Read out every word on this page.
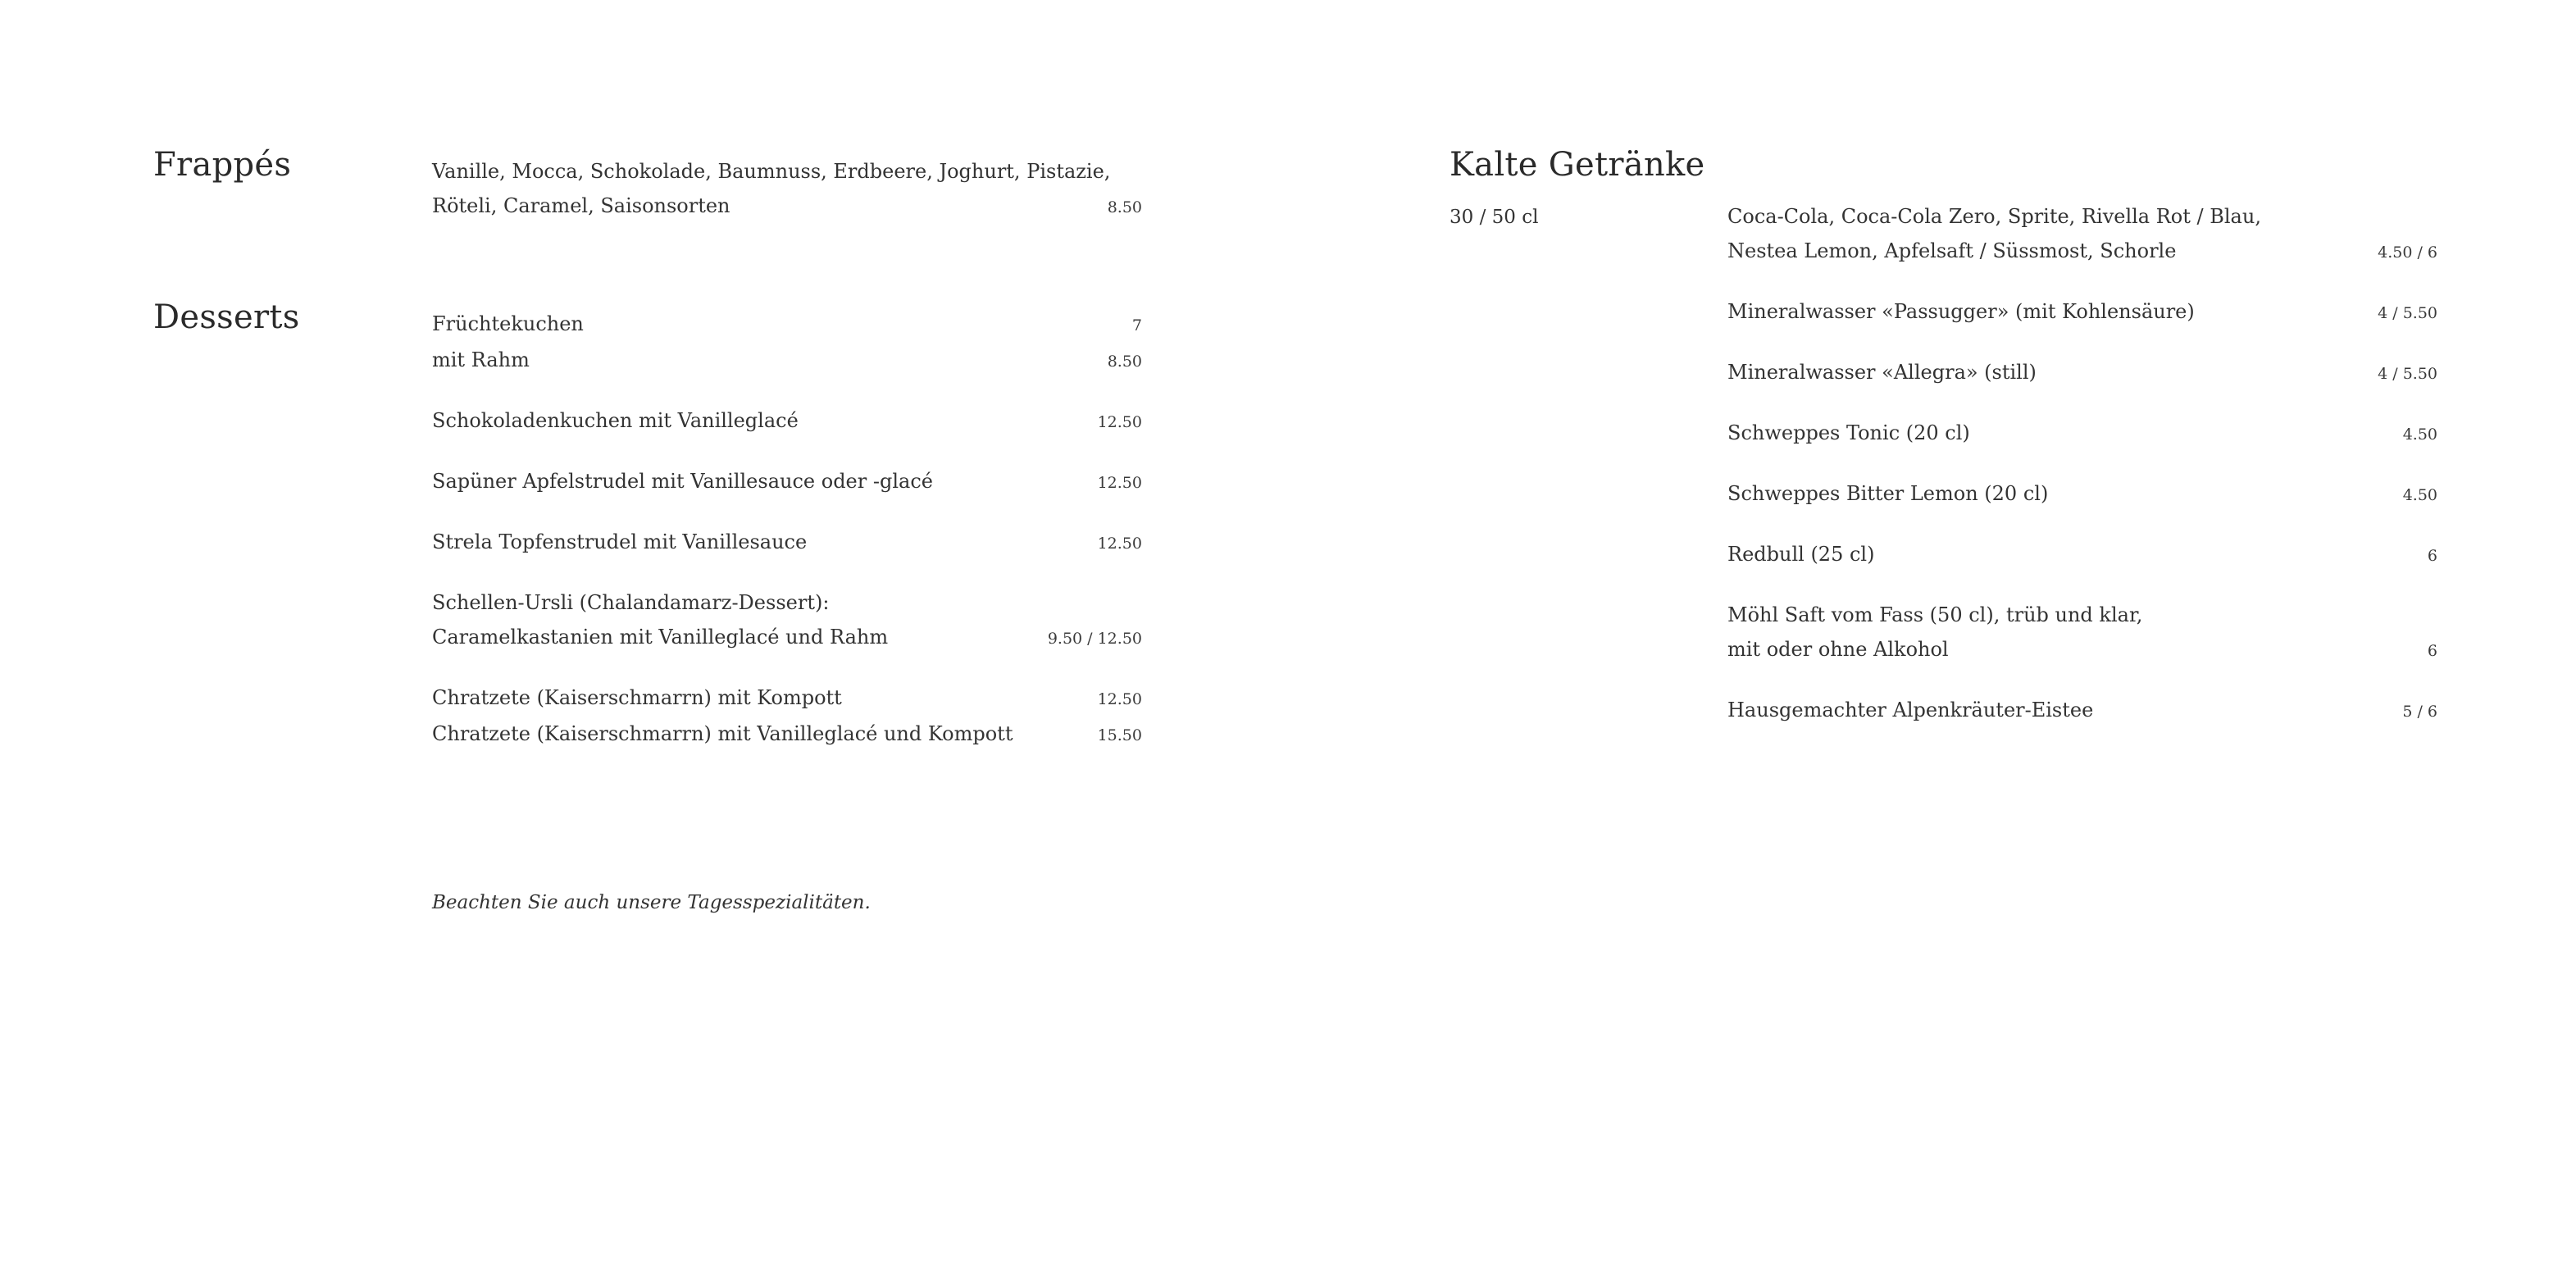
Frappés	Vanille, Mocca, Schokolade, Baumnuss, Erdbeere, Joghurt, Pistazie,
Röteli, Caramel, Saisonsorten	8.50
Desserts	Früchtekuchen	7
mit Rahm	8.50
Schokoladenkuchen mit Vanilleglacé	12.50
Sapüner Apfelstrudel mit Vanillesauce oder -glacé	12.50
Strela Topfenstrudel mit Vanillesauce	12.50
Schellen-Ursli (Chalandamarz-Dessert):
Caramelkastanien mit Vanilleglacé und Rahm	9.50 / 12.50
Chratzete (Kaiserschmarrn) mit Kompott	12.50
Chratzete (Kaiserschmarrn) mit Vanilleglacé und Kompott	15.50
Beachten Sie auch unsere Tagesspezialitäten.
Kalte Getränke
30 / 50 cl	Coca-Cola, Coca-Cola Zero, Sprite, Rivella Rot / Blau,
Nestea Lemon, Apfelsaft / Süssmost, Schorle	4.50 / 6
Mineralwasser «Passugger» (mit Kohlensäure)	4 / 5.50
Mineralwasser «Allegra» (still)	4 / 5.50
Schweppes Tonic (20 cl)	4.50
Schweppes Bitter Lemon (20 cl)	4.50
Redbull (25 cl)	6
Möhl Saft vom Fass (50 cl), trüb und klar,
mit oder ohne Alkohol	6
Hausgemachter Alpenkräuter-Eistee	5 / 6
